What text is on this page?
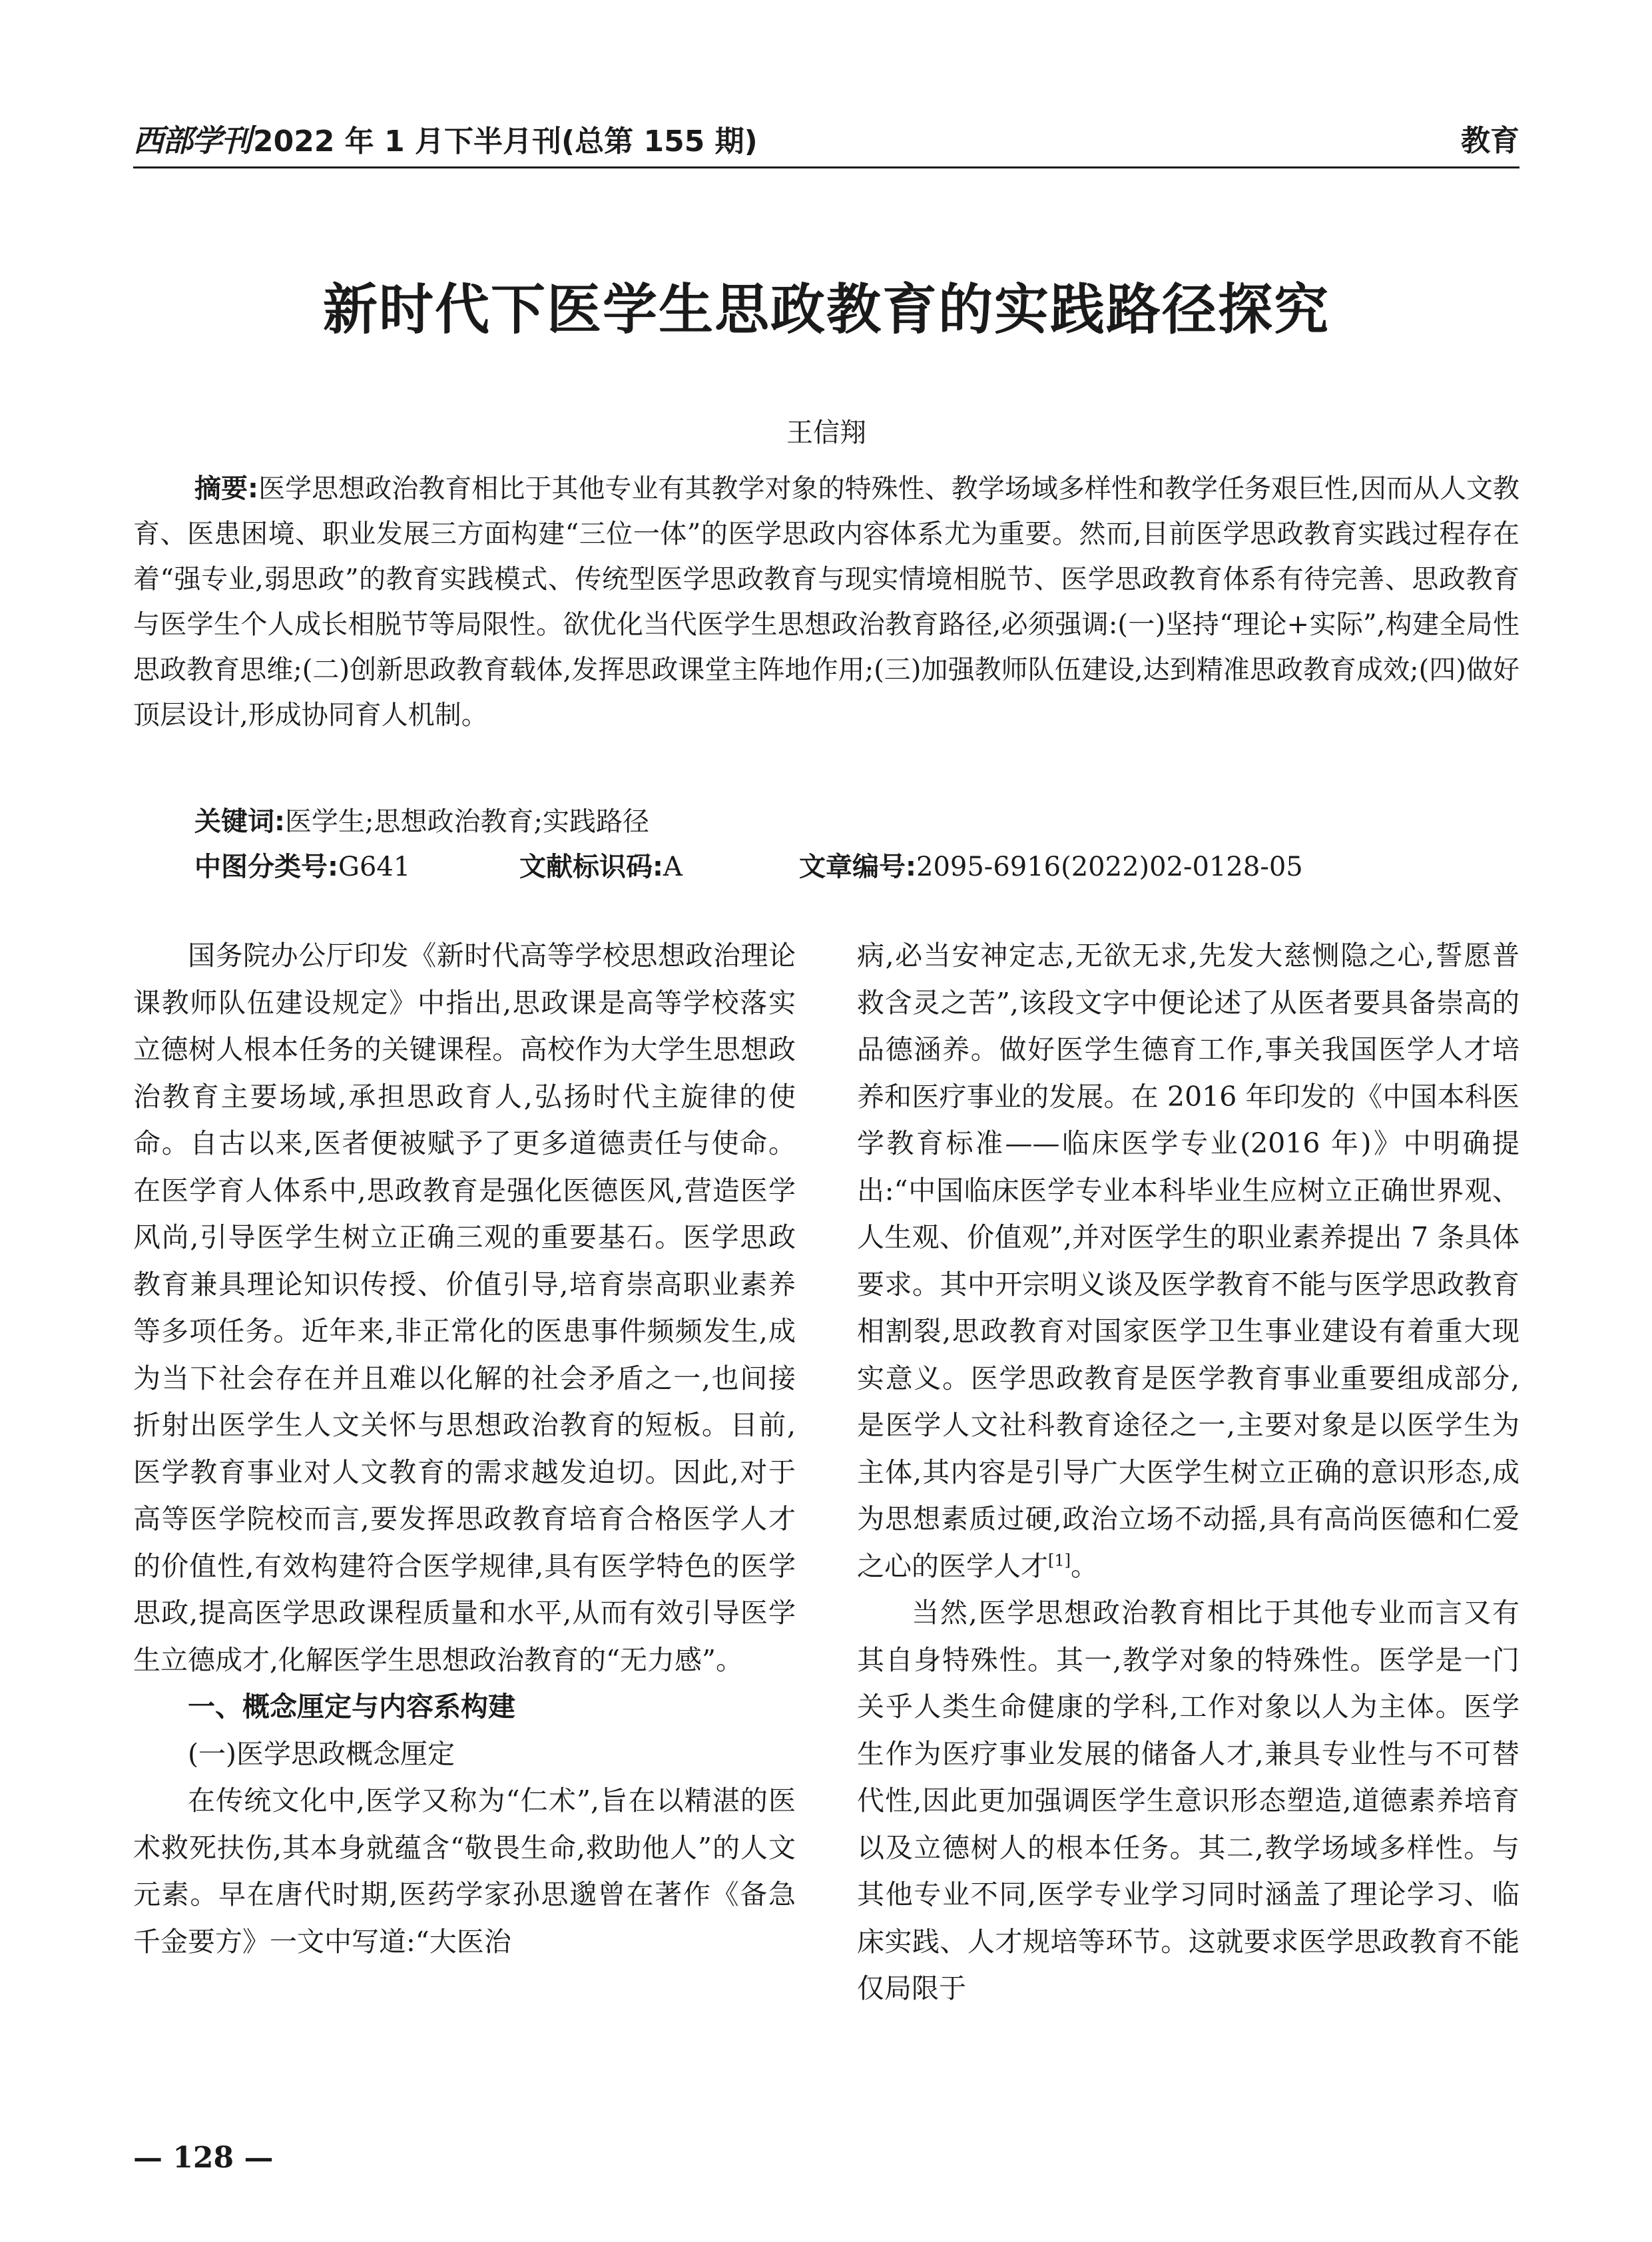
西部学刊2022 年 1 月下半月刊(总第 155 期)	教育
新时代下医学生思政教育的实践路径探究
王信翔
摘要:医学思想政治教育相比于其他专业有其教学对象的特殊性、教学场域多样性和教学任务艰巨性,因而从人文教育、医患困境、职业发展三方面构建“三位一体”的医学思政内容体系尤为重要。然而,目前医学思政教育实践过程存在着“强专业,弱思政”的教育实践模式、传统型医学思政教育与现实情境相脱节、医学思政教育体系有待完善、思政教育与医学生个人成长相脱节等局限性。欲优化当代医学生思想政治教育路径,必须强调:(一)坚持“理论+实际”,构建全局性思政教育思维;(二)创新思政教育载体,发挥思政课堂主阵地作用;(三)加强教师队伍建设,达到精准思政教育成效;(四)做好顶层设计,形成协同育人机制。
关键词:医学生;思想政治教育;实践路径
中图分类号:G641	文献标识码:A	文章编号:2095-6916(2022)02-0128-05

国务院办公厅印发《新时代高等学校思想政治理论课教师队伍建设规定》中指出,思政课是高等学校落实立德树人根本任务的关键课程。高校作为大学生思想政治教育主要场域,承担思政育人,弘扬时代主旋律的使命。自古以来,医者便被赋予了更多道德责任与使命。在医学育人体系中,思政教育是强化医德医风,营造医学风尚,引导医学生树立正确三观的重要基石。医学思政教育兼具理论知识传授、价值引导,培育崇高职业素养等多项任务。近年来,非正常化的医患事件频频发生,成为当下社会存在并且难以化解的社会矛盾之一,也间接折射出医学生人文关怀与思想政治教育的短板。目前,医学教育事业对人文教育的需求越发迫切。因此,对于高等医学院校而言,要发挥思政教育培育合格医学人才的价值性,有效构建符合医学规律,具有医学特色的医学思政,提高医学思政课程质量和水平,从而有效引导医学生立德成才,化解医学生思想政治教育的“无力感”。

一、概念厘定与内容系构建

(一)医学思政概念厘定

在传统文化中,医学又称为“仁术”,旨在以精湛的医术救死扶伤,其本身就蕴含“敬畏生命,救助他人”的人文元素。早在唐代时期,医药学家孙思邈曾在著作《备急千金要方》一文中写道:“大医治

病,必当安神定志,无欲无求,先发大慈恻隐之心,誓愿普救含灵之苦”,该段文字中便论述了从医者要具备崇高的品德涵养。做好医学生德育工作,事关我国医学人才培养和医疗事业的发展。在 2016 年印发的《中国本科医学教育标准——临床医学专业(2016 年)》中明确提出:“中国临床医学专业本科毕业生应树立正确世界观、人生观、价值观”,并对医学生的职业素养提出 7 条具体要求。其中开宗明义谈及医学教育不能与医学思政教育相割裂,思政教育对国家医学卫生事业建设有着重大现实意义。医学思政教育是医学教育事业重要组成部分,是医学人文社科教育途径之一,主要对象是以医学生为主体,其内容是引导广大医学生树立正确的意识形态,成为思想素质过硬,政治立场不动摇,具有高尚医德和仁爱之心的医学人才[1]。

当然,医学思想政治教育相比于其他专业而言又有其自身特殊性。其一,教学对象的特殊性。医学是一门关乎人类生命健康的学科,工作对象以人为主体。医学生作为医疗事业发展的储备人才,兼具专业性与不可替代性,因此更加强调医学生意识形态塑造,道德素养培育以及立德树人的根本任务。其二,教学场域多样性。与其他专业不同,医学专业学习同时涵盖了理论学习、临床实践、人才规培等环节。这就要求医学思政教育不能仅局限于

— 128 —
